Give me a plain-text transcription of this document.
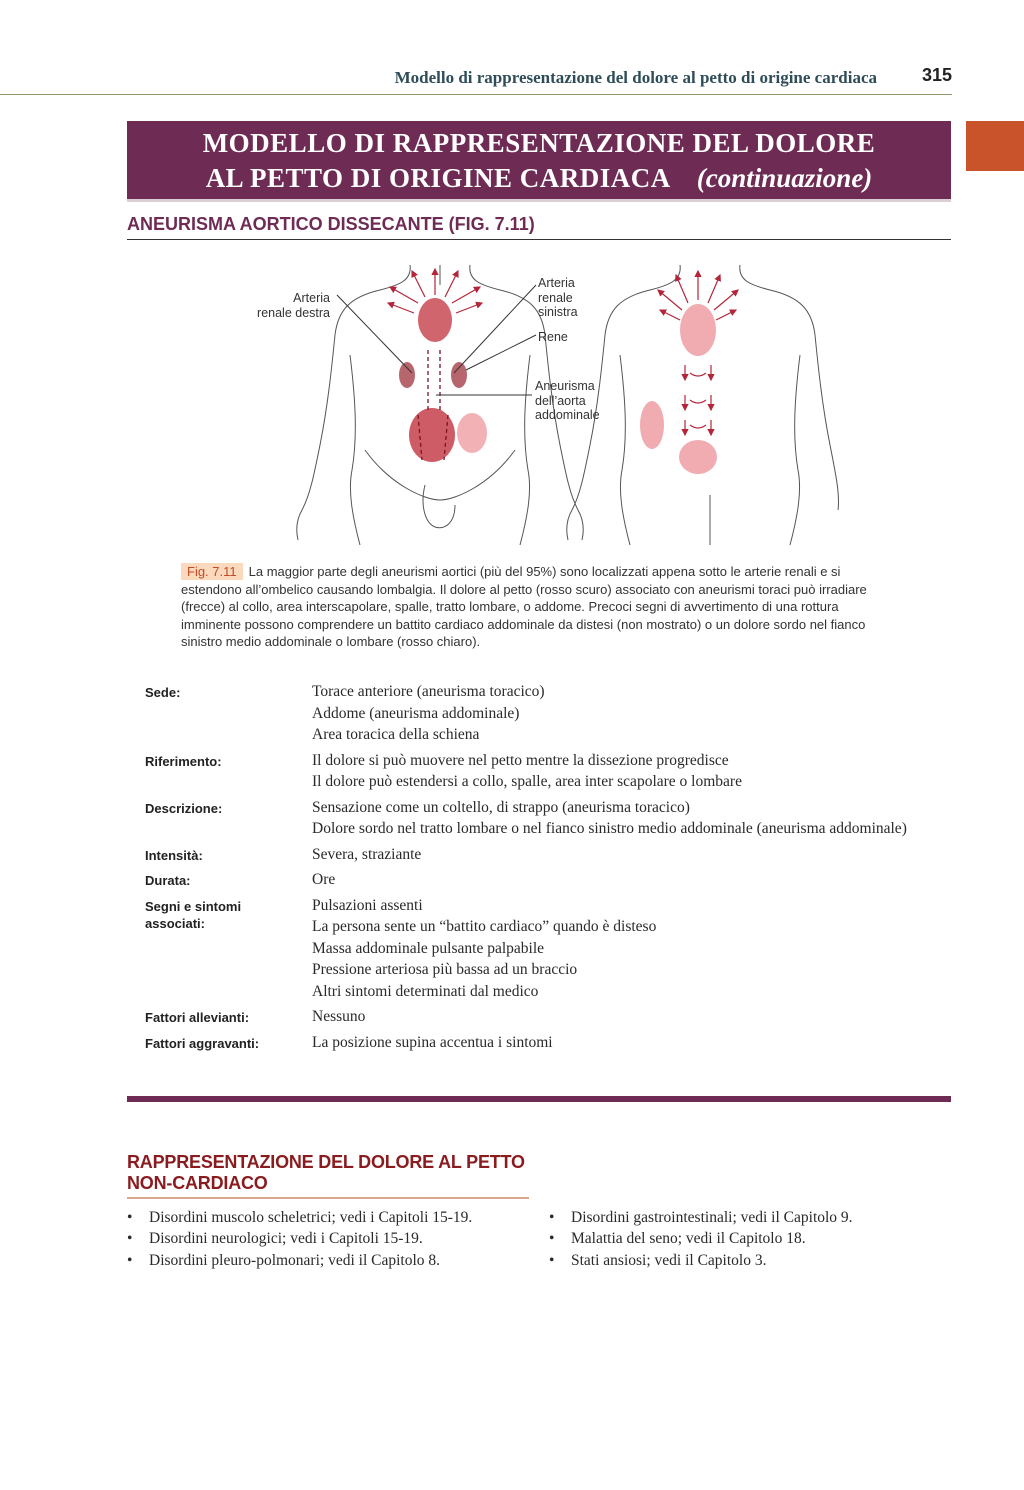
Modello di rappresentazione del dolore al petto di origine cardiaca 315
MODELLO DI RAPPRESENTAZIONE DEL DOLORE
AL PETTO DI ORIGINE CARDIACA (continuazione)
ANEURISMA AORTICO DISSECANTE (FIG. 7.11)
Arteria
renale destra
Arteria
renale
sinistra
Rene
Aneurisma
dell’aorta
addominale
Fig. 7.11 La maggior parte degli aneurismi aortici (più del 95%) sono localizzati appena sotto le arterie renali e si estendono all’ombelico causando lombalgia. Il dolore al petto (rosso scuro) associato con aneurismi toraci può irradiare (frecce) al collo, area interscapolare, spalle, tratto lombare, o addome. Precoci segni di avvertimento di una rottura imminente possono comprendere un battito cardiaco addominale da distesi (non mostrato) o un dolore sordo nel fianco sinistro medio addominale o lombare (rosso chiaro).
Sede:	Torace anteriore (aneurisma toracico)
Addome (aneurisma addominale)
Area toracica della schiena
Riferimento:	Il dolore si può muovere nel petto mentre la dissezione progredisce
Il dolore può estendersi a collo, spalle, area inter scapolare o lombare
Descrizione:	Sensazione come un coltello, di strappo (aneurisma toracico)
Dolore sordo nel tratto lombare o nel fianco sinistro medio addominale (aneurisma addominale)
Intensità:	Severa, straziante
Durata:	Ore
Segni e sintomi associati:
Pulsazioni assenti
La persona sente un “battito cardiaco” quando è disteso
Massa addominale pulsante palpabile
Pressione arteriosa più bassa ad un braccio
Altri sintomi determinati dal medico
Fattori allevianti:	Nessuno
Fattori aggravanti:	La posizione supina accentua i sintomi
RAPPRESENTAZIONE DEL DOLORE AL PETTO
NON-CARDIACO
• Disordini muscolo scheletrici; vedi i Capitoli 15-19.
• Disordini neurologici; vedi i Capitoli 15-19.
• Disordini pleuro-polmonari; vedi il Capitolo 8.
• Disordini gastrointestinali; vedi il Capitolo 9.
• Malattia del seno; vedi il Capitolo 18.
• Stati ansiosi; vedi il Capitolo 3.
